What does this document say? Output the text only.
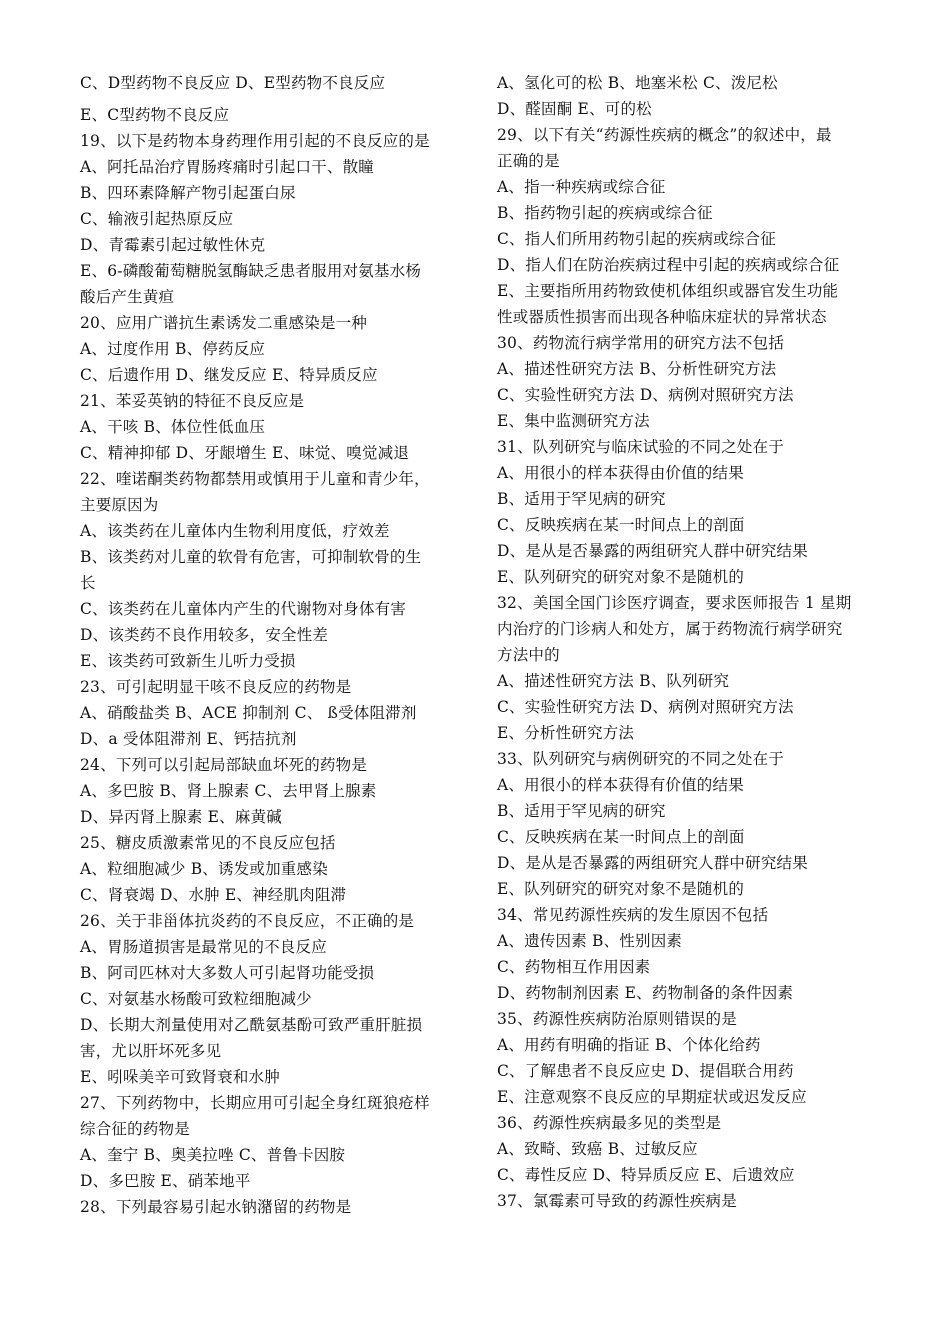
C、D型药物不良反应 D、E型药物不良反应
E、C型药物不良反应
19、以下是药物本身药理作用引起的不良反应的是
A、阿托品治疗胃肠疼痛时引起口干、散瞳
B、四环素降解产物引起蛋白尿
C、输液引起热原反应
D、青霉素引起过敏性休克
E、6-磷酸葡萄糖脱氢酶缺乏患者服用对氨基水杨
酸后产生黄疸
20、应用广谱抗生素诱发二重感染是一种
A、过度作用 B、停药反应
C、后遗作用 D、继发反应 E、特异质反应
21、苯妥英钠的特征不良反应是
A、干咳 B、体位性低血压
C、精神抑郁 D、牙龈增生 E、味觉、嗅觉减退
22、喹诺酮类药物都禁用或慎用于儿童和青少年，
主要原因为
A、该类药在儿童体内生物利用度低，疗效差
B、该类药对儿童的软骨有危害，可抑制软骨的生
长
C、该类药在儿童体内产生的代谢物对身体有害
D、该类药不良作用较多，安全性差
E、该类药可致新生儿听力受损
23、可引起明显干咳不良反应的药物是
A、硝酸盐类 B、ACE 抑制剂 C、 ß受体阻滞剂
D、a 受体阻滞剂 E、钙拮抗剂
24、下列可以引起局部缺血坏死的药物是
A、多巴胺 B、肾上腺素 C、去甲肾上腺素
D、异丙肾上腺素 E、麻黄碱
25、糖皮质激素常见的不良反应包括
A、粒细胞减少 B、诱发或加重感染
C、肾衰竭 D、水肿 E、神经肌肉阻滞
26、关于非甾体抗炎药的不良反应，不正确的是
A、胃肠道损害是最常见的不良反应
B、阿司匹林对大多数人可引起肾功能受损
C、对氨基水杨酸可致粒细胞减少
D、长期大剂量使用对乙酰氨基酚可致严重肝脏损
害，尤以肝坏死多见
E、吲哚美辛可致肾衰和水肿
27、下列药物中，长期应用可引起全身红斑狼疮样
综合征的药物是
A、奎宁 B、奥美拉唑 C、普鲁卡因胺
D、多巴胺 E、硝苯地平
28、下列最容易引起水钠潴留的药物是
A、氢化可的松 B、地塞米松 C、泼尼松
D、醛固酮 E、可的松
29、以下有关“药源性疾病的概念”的叙述中，最
正确的是
A、指一种疾病或综合征
B、指药物引起的疾病或综合征
C、指人们所用药物引起的疾病或综合征
D、指人们在防治疾病过程中引起的疾病或综合征
E、主要指所用药物致使机体组织或器官发生功能
性或器质性损害而出现各种临床症状的异常状态
30、药物流行病学常用的研究方法不包括
A、描述性研究方法 B、分析性研究方法
C、实验性研究方法 D、病例对照研究方法
E、集中监测研究方法
31、队列研究与临床试验的不同之处在于
A、用很小的样本获得由价值的结果
B、适用于罕见病的研究
C、反映疾病在某一时间点上的剖面
D、是从是否暴露的两组研究人群中研究结果
E、队列研究的研究对象不是随机的
32、美国全国门诊医疗调查，要求医师报告 1 星期
内治疗的门诊病人和处方，属于药物流行病学研究
方法中的
A、描述性研究方法 B、队列研究
C、实验性研究方法 D、病例对照研究方法
E、分析性研究方法
33、队列研究与病例研究的不同之处在于
A、用很小的样本获得有价值的结果
B、适用于罕见病的研究
C、反映疾病在某一时间点上的剖面
D、是从是否暴露的两组研究人群中研究结果
E、队列研究的研究对象不是随机的
34、常见药源性疾病的发生原因不包括
A、遗传因素 B、性别因素
C、药物相互作用因素
D、药物制剂因素 E、药物制备的条件因素
35、药源性疾病防治原则错误的是
A、用药有明确的指证 B、个体化给药
C、了解患者不良反应史 D、提倡联合用药
E、注意观察不良反应的早期症状或迟发反应
36、药源性疾病最多见的类型是
A、致畸、致癌 B、过敏反应
C、毒性反应 D、特异质反应 E、后遗效应
37、氯霉素可导致的药源性疾病是
